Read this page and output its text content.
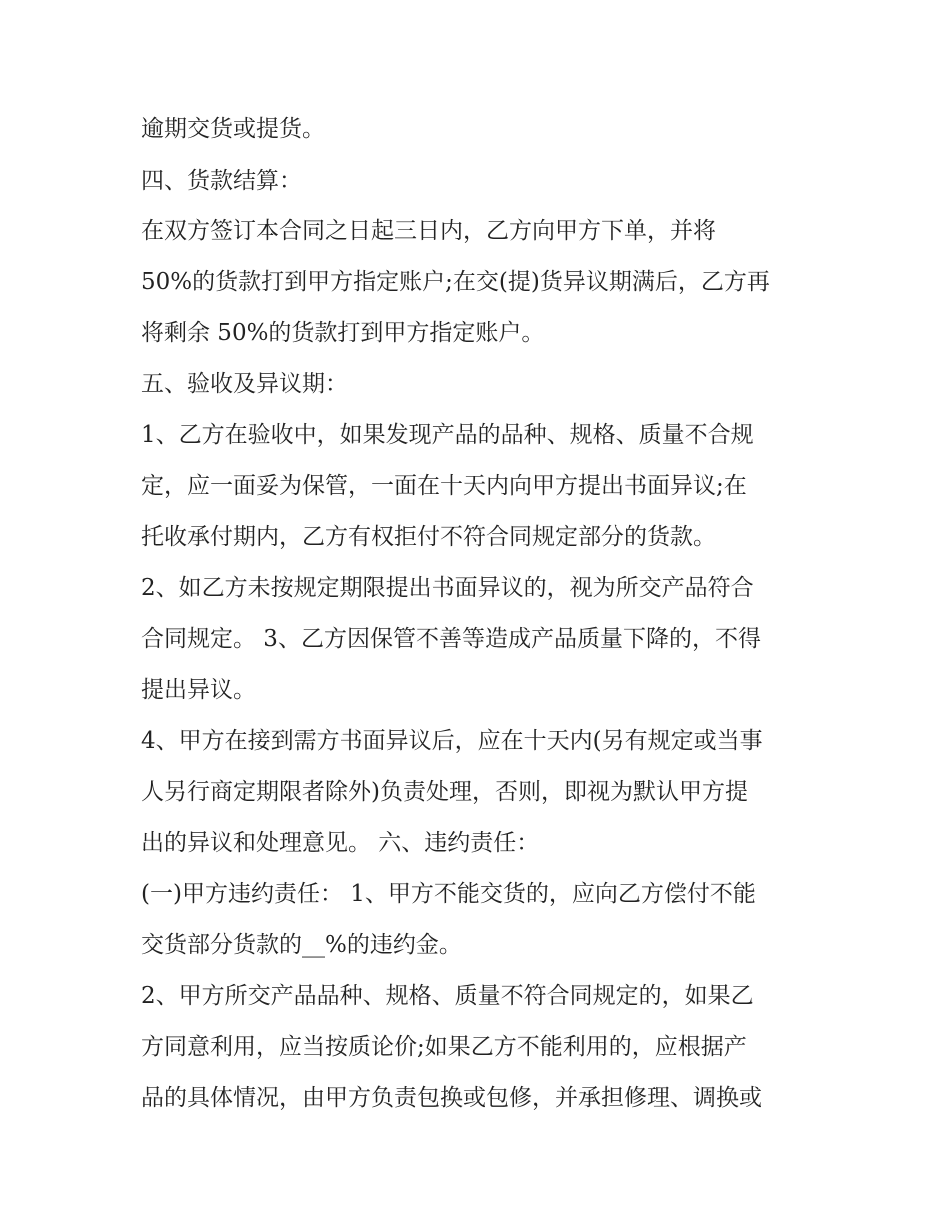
逾期交货或提货。

四、货款结算：

在双方签订本合同之日起三日内，乙方向甲方下单，并将

50%的货款打到甲方指定账户;在交(提)货异议期满后，乙方再

将剩余 50%的货款打到甲方指定账户。

五、验收及异议期：

1、乙方在验收中，如果发现产品的品种、规格、质量不合规

定，应一面妥为保管，一面在十天内向甲方提出书面异议;在

托收承付期内，乙方有权拒付不符合同规定部分的货款。

2、如乙方未按规定期限提出书面异议的，视为所交产品符合

合同规定。 3、乙方因保管不善等造成产品质量下降的，不得

提出异议。

4、甲方在接到需方书面异议后，应在十天内(另有规定或当事

人另行商定期限者除外)负责处理，否则，即视为默认甲方提

出的异议和处理意见。 六、违约责任：

(一)甲方违约责任： 1、甲方不能交货的，应向乙方偿付不能

交货部分货款的__%的违约金。

2、甲方所交产品品种、规格、质量不符合同规定的，如果乙

方同意利用，应当按质论价;如果乙方不能利用的，应根据产

品的具体情况，由甲方负责包换或包修，并承担修理、调换或
